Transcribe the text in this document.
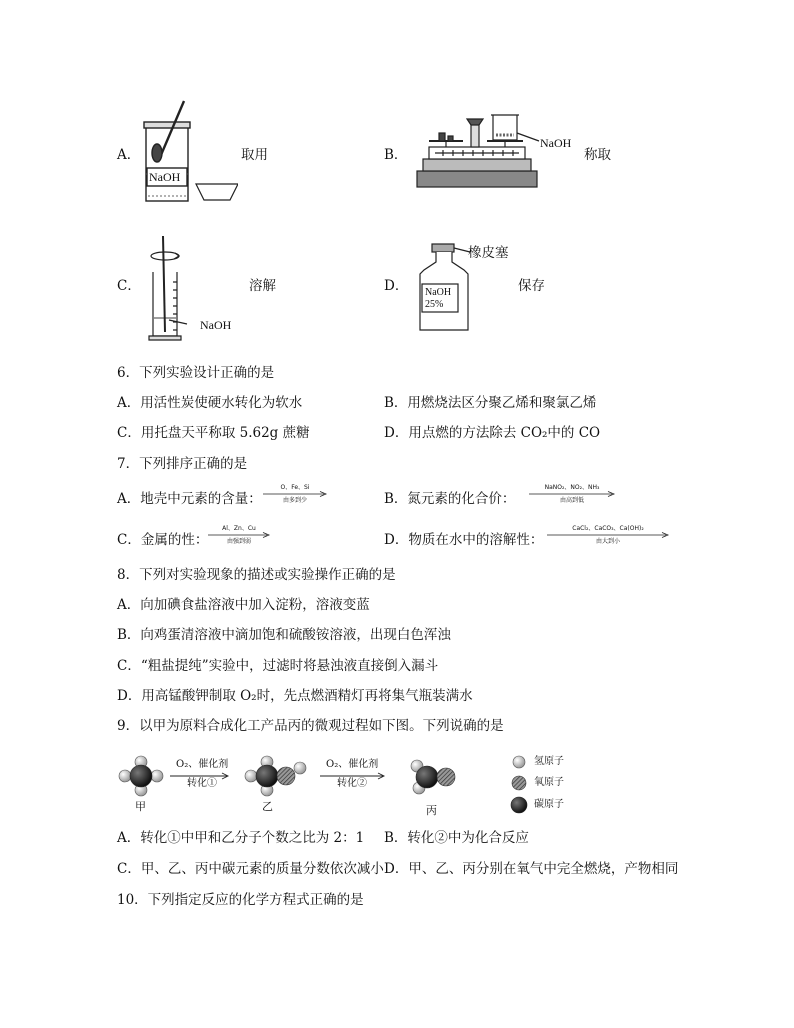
A．
NaOH
取用	B．
NaOH
称取
C．
NaOH
溶解	D．
橡皮塞
NaOH
25%
保存
6．下列实验设计正确的是
A．用活性炭使硬水转化为软水	B．用燃烧法区分聚乙烯和聚氯乙烯
C．用托盘天平称取 5.62g 蔗糖	D．用点燃的方法除去 CO₂中的 CO
7．下列排序正确的是
A．地壳中元素的含量：
O、Fe、Si
由多到少	B．氮元素的化合价：
NaNO₂、NO₂、NH₃
由高到低
C．金属的性：
Al、Zn、Cu
由强到弱	D．物质在水中的溶解性：
CaCl₂、CaCO₃、Ca(OH)₂
由大到小
8．下列对实验现象的描述或实验操作正确的是
A．向加碘食盐溶液中加入淀粉，溶液变蓝
B．向鸡蛋清溶液中滴加饱和硫酸铵溶液，出现白色浑浊
C．“粗盐提纯”实验中，过滤时将悬浊液直接倒入漏斗
D．用高锰酸钾制取 O₂时，先点燃酒精灯再将集气瓶装满水
9．以甲为原料合成化工产品丙的微观过程如下图。下列说确的是
O₂、催化剂
转化①
O₂、催化剂
转化②
甲	乙	丙
氢原子
氧原子
碳原子
A．转化①中甲和乙分子个数之比为 2：1 B．转化②中为化合反应
C．甲、乙、丙中碳元素的质量分数依次减小 D．甲、乙、丙分别在氧气中完全燃烧，产物相同
10．下列指定反应的化学方程式正确的是
